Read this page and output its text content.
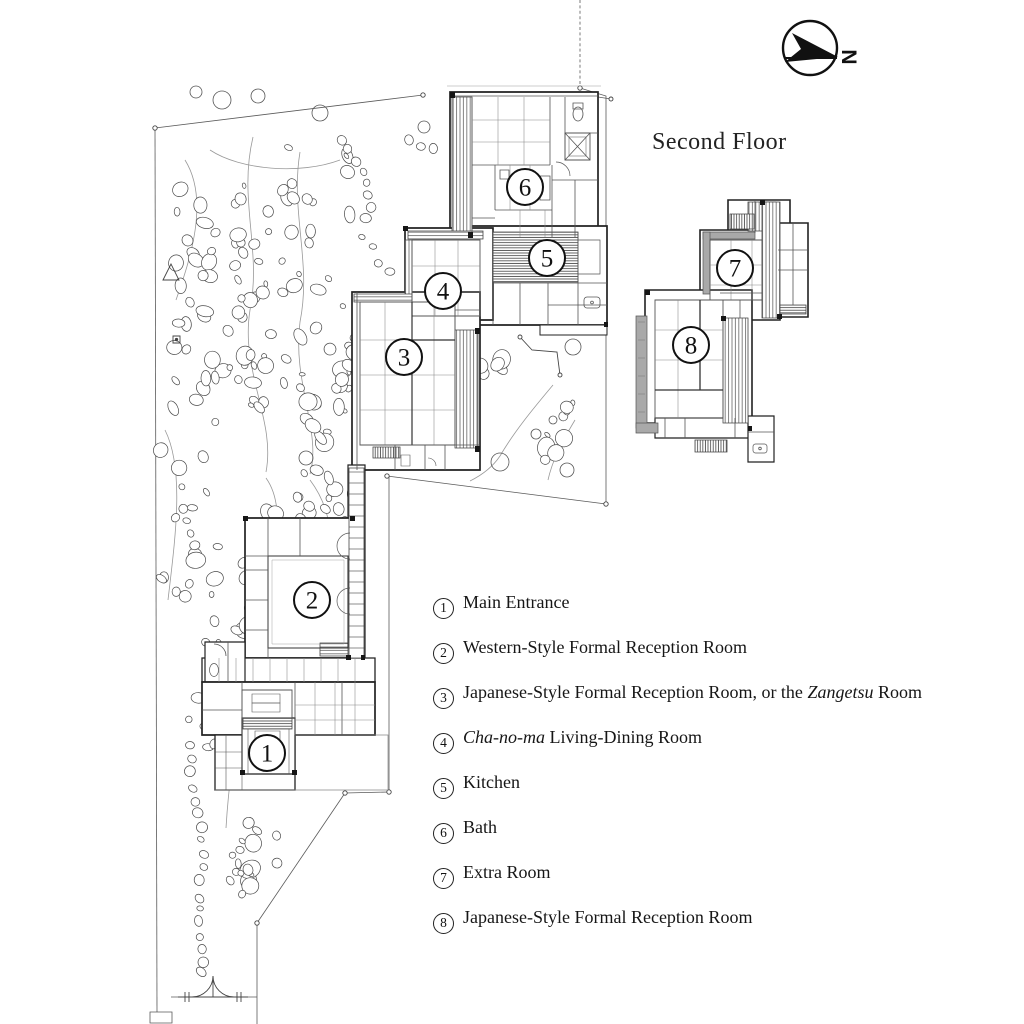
1
2
3
4
5
6
7
8
N
Second Floor
1 Main Entrance
2 Western-Style Formal Reception Room
3 Japanese-Style Formal Reception Room, or the Zangetsu Room
4 Cha-no-ma Living-Dining Room
5 Kitchen
6 Bath
7 Extra Room
8 Japanese-Style Formal Reception Room
